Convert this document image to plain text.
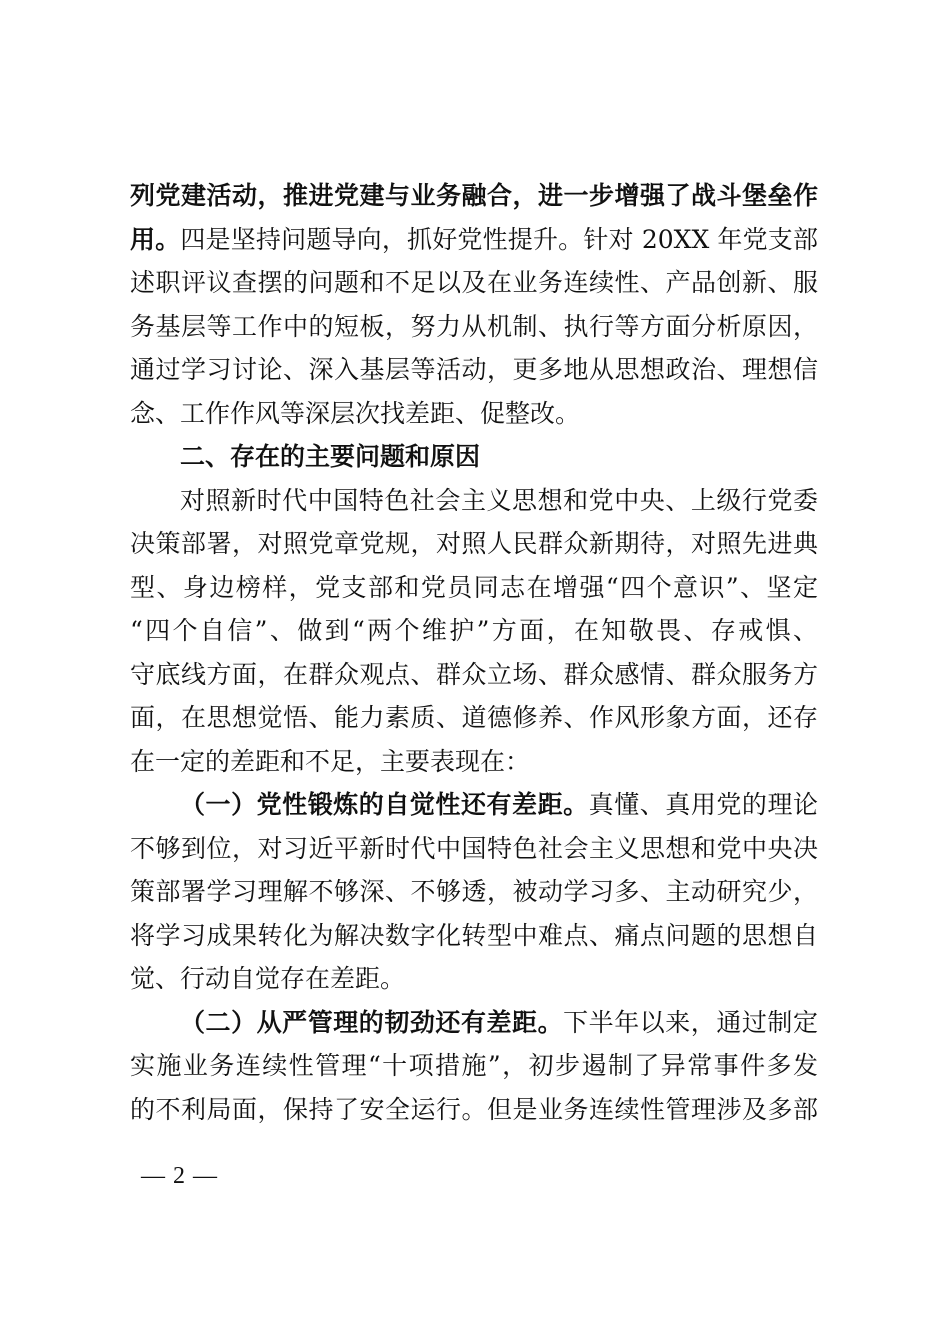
列党建活动，推进党建与业务融合，进一步增强了战斗堡垒作
用。四是坚持问题导向，抓好党性提升。针对 20XX 年党支部
述职评议查摆的问题和不足以及在业务连续性、产品创新、服
务基层等工作中的短板，努力从机制、执行等方面分析原因，
通过学习讨论、深入基层等活动，更多地从思想政治、理想信
念、工作作风等深层次找差距、促整改。
二、存在的主要问题和原因
对照新时代中国特色社会主义思想和党中央、上级行党委
决策部署，对照党章党规，对照人民群众新期待，对照先进典
型、身边榜样，党支部和党员同志在增强“四个意识”、坚定
“四个自信”、做到“两个维护”方面，在知敬畏、存戒惧、
守底线方面，在群众观点、群众立场、群众感情、群众服务方
面，在思想觉悟、能力素质、道德修养、作风形象方面，还存
在一定的差距和不足，主要表现在：
（一）党性锻炼的自觉性还有差距。真懂、真用党的理论
不够到位，对习近平新时代中国特色社会主义思想和党中央决
策部署学习理解不够深、不够透，被动学习多、主动研究少，
将学习成果转化为解决数字化转型中难点、痛点问题的思想自
觉、行动自觉存在差距。
（二）从严管理的韧劲还有差距。下半年以来，通过制定
实施业务连续性管理“十项措施”，初步遏制了异常事件多发
的不利局面，保持了安全运行。但是业务连续性管理涉及多部
— 2 —
